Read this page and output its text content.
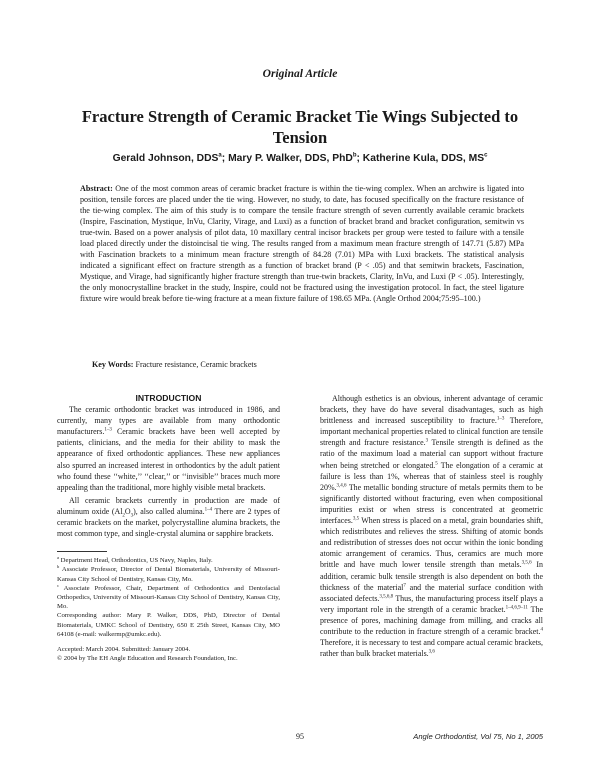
Original Article
Fracture Strength of Ceramic Bracket Tie Wings Subjected to Tension
Gerald Johnson, DDS$^a$; Mary P. Walker, DDS, PhD$^b$; Katherine Kula, DDS, $MS^c$
Abstract: One of the most common areas of ceramic bracket fracture is within the tie-wing complex. When an archwire is ligated into position, tensile forces are placed under the tie wing. However, no study, to date, has focused specifically on the fracture resistance of the tie-wing complex. The aim of this study is to compare the tensile fracture strength of seven currently available ceramic brackets (Inspire, Fascination, Mystique, InVu, Clarity, Virage, and Luxi) as a function of bracket brand and bracket configuration, semitwin vs true-twin. Based on a power analysis of pilot data, 10 maxillary central incisor brackets per group were tested to failure with a tensile load placed directly under the distoincisal tie wing. The results ranged from a maximum mean fracture strength of 147.71 (5.87) MPa with Fascination brackets to a minimum mean fracture strength of 84.28 (7.01) MPa with Luxi brackets. The statistical analysis indicated a significant effect on fracture strength as a function of bracket brand (P < .05) and that semitwin brackets, Fascination, Mystique, and Virage, had significantly higher fracture strength than true-twin brackets, Clarity, InVu, and Luxi (P < .05). Interestingly, the only monocrystalline bracket in the study, Inspire, could not be fractured using the investigation protocol. In fact, the steel ligature fixture wire would break before tie-wing fracture at a mean fixture failure of 198.65 MPa. (Angle Orthod 2004;75:95–100.)
Key Words: Fracture resistance, Ceramic brackets

INTRODUCTION

The ceramic orthodontic bracket was introduced in 1986, and currently, many types are available from many orthodontic manufacturers.$^{1-3}$ Ceramic brackets have been well accepted by patients, clinicians, and the media for their ability to mask the appearance of fixed orthodontic appliances. These new appliances also spurred an increased interest in orthodontics by the adult patient who found these ‘‘white,’’ ‘‘clear,’’ or ‘‘invisible’’ braces much more appealing than the traditional, more highly visible metal brackets.

All ceramic brackets currently in production are made of aluminum oxide $(Al_2O_3)$, also called alumina.$^{1-4}$ There are 2 types of ceramic brackets on the market, polycrystalline alumina brackets, the most common type, and single-crystal alumina or sapphire brackets.

$^a$ Department Head, Orthodontics, US Navy, Naples, Italy.

$^b$ Associate Professor, Director of Dental Biomaterials, University of Missouri-Kansas City School of Dentistry, Kansas City, Mo.

$^c$ Associate Professor, Chair, Department of Orthodontics and Dentofacial Orthopedics, University of Missouri-Kansas City School of Dentistry, Kansas City, Mo.

Corresponding author: Mary P. Walker, DDS, PhD, Director of Dental Biomaterials, UMKC School of Dentistry, 650 E 25th Street, Kansas City, MO 64108 (e-mail: walkermp@umkc.edu).

Accepted: March 2004. Submitted: January 2004.

© 2004 by The EH Angle Education and Research Foundation, Inc.

Although esthetics is an obvious, inherent advantage of ceramic brackets, they have do have several disadvantages, such as high brittleness and increased susceptibility to fracture.$^{1-3}$ Therefore, important mechanical properties related to clinical function are tensile strength and fracture resistance.$^3$ Tensile strength is defined as the ratio of the maximum load a material can support without fracture when being stretched or elongated.$^5$ The elongation of a ceramic at failure is less than 1%, whereas that of stainless steel is roughly 20%.$^{3,4,6}$ The metallic bonding structure of metals permits them to be significantly distorted without fracturing, even when compositional impurities exist or when stress is concentrated at geometric interfaces.$^{3,5}$ When stress is placed on a metal, grain boundaries shift, which redistributes and relieves the stress. Shifting of atomic bonds and redistribution of stresses does not occur within the ionic bonding atomic arrangement of ceramics. Thus, ceramics are much more brittle and have much lower tensile strength than metals.$^{3,5,6}$ In addition, ceramic bulk tensile strength is also dependent on both the thickness of the material$^7$ and the material surface condition with associated defects.$^{3,5,6,8}$ Thus, the manufacturing process itself plays a very important role in the strength of a ceramic bracket.$^{1-4,6,9-11}$ The presence of pores, machining damage from milling, and cracks all contribute to the reduction in fracture strength of a ceramic bracket.$^4$ Therefore, it is necessary to test and compare actual ceramic brackets, rather than bulk bracket materials.$^{3,6}$

95	Angle Orthodontist, Vol 75, No 1, 2005
